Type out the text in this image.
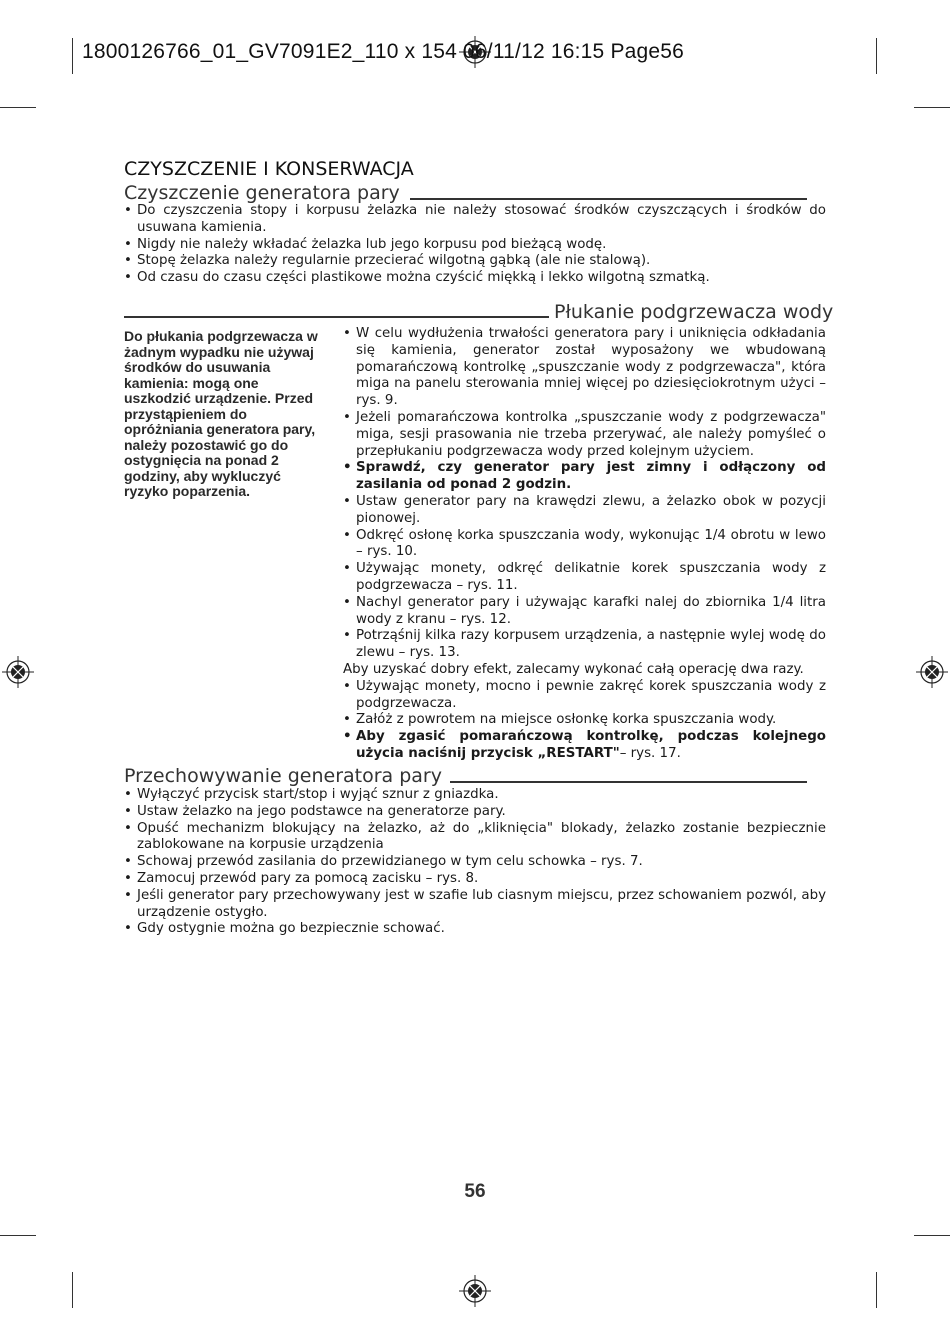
1800126766_01_GV7091E2_110 x 154 06/11/12 16:15 Page56
CZYSZCZENIE I KONSERWACJA
Czyszczenie generatora pary
• Do czyszczenia stopy i korpusu żelazka nie należy stosować środków czyszczących i środków do usuwana kamienia.
• Nigdy nie należy wkładać żelazka lub jego korpusu pod bieżącą wodę.
• Stopę żelazka należy regularnie przecierać wilgotną gąbką (ale nie stalową).
• Od czasu do czasu części plastikowe można czyścić miękką i lekko wilgotną szmatką.
Płukanie podgrzewacza wody
Do płukania podgrzewacza w żadnym wypadku nie używaj środków do usuwania kamienia: mogą one uszkodzić urządzenie. Przed przystąpieniem do opróżniania generatora pary, należy pozostawić go do ostygnięcia na ponad 2 godziny, aby wykluczyć ryzyko poparzenia.
• W celu wydłużenia trwałości generatora pary i uniknięcia odkładania się kamienia, generator został wyposażony we wbudowaną pomarańczową kontrolkę „spuszczanie wody z podgrzewacza", która miga na panelu sterowania mniej więcej po dziesięciokrotnym użyci – rys. 9.
• Jeżeli pomarańczowa kontrolka „spuszczanie wody z podgrzewacza" miga, sesji prasowania nie trzeba przerywać, ale należy pomyśleć o przepłukaniu podgrzewacza wody przed kolejnym użyciem.
• Sprawdź, czy generator pary jest zimny i odłączony od zasilania od ponad 2 godzin.
• Ustaw generator pary na krawędzi zlewu, a żelazko obok w pozycji pionowej.
• Odkręć osłonę korka spuszczania wody, wykonując 1/4 obrotu w lewo – rys. 10.
• Używając monety, odkręć delikatnie korek spuszczania wody z podgrzewacza – rys. 11.
• Nachyl generator pary i używając karafki nalej do zbiornika 1/4 litra wody z kranu – rys. 12.
• Potrząśnij kilka razy korpusem urządzenia, a następnie wylej wodę do zlewu – rys. 13.
Aby uzyskać dobry efekt, zalecamy wykonać całą operację dwa razy.
• Używając monety, mocno i pewnie zakręć korek spuszczania wody z podgrzewacza.
• Załóż z powrotem na miejsce osłonkę korka spuszczania wody.
• Aby zgasić pomarańczową kontrolkę, podczas kolejnego użycia naciśnij przycisk „RESTART"– rys. 17.
Przechowywanie generatora pary
• Wyłączyć przycisk start/stop i wyjąć sznur z gniazdka.
• Ustaw żelazko na jego podstawce na generatorze pary.
• Opuść mechanizm blokujący na żelazko, aż do „kliknięcia" blokady, żelazko zostanie bezpiecznie zablokowane na korpusie urządzenia
• Schowaj przewód zasilania do przewidzianego w tym celu schowka – rys. 7.
• Zamocuj przewód pary za pomocą zacisku – rys. 8.
• Jeśli generator pary przechowywany jest w szafie lub ciasnym miejscu, przez schowaniem pozwól, aby urządzenie ostygło.
• Gdy ostygnie można go bezpiecznie schować.
56
